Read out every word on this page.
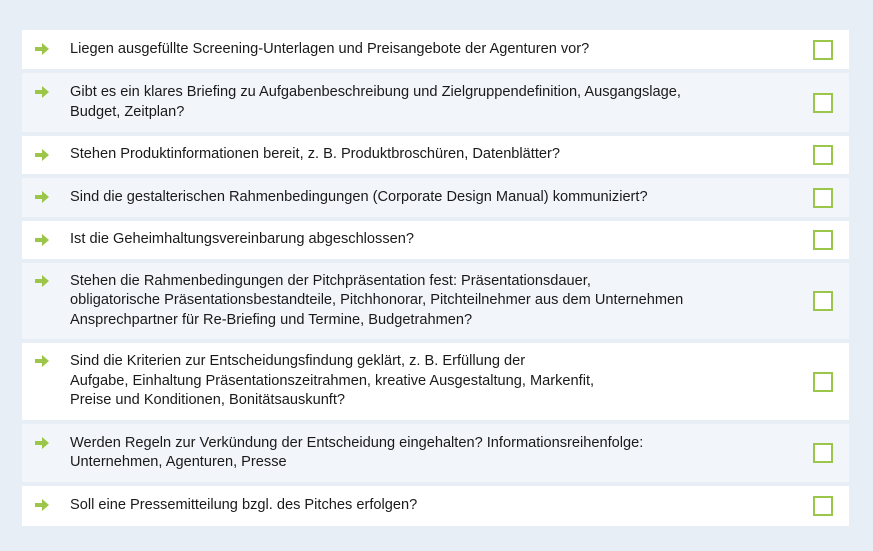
Liegen ausgefüllte Screening-Unterlagen und Preisangebote der Agenturen vor?
Gibt es ein klares Briefing zu Aufgabenbeschreibung und Zielgruppendefinition, Ausgangslage,
Budget, Zeitplan?
Stehen Produktinformationen bereit, z. B. Produktbroschüren, Datenblätter?
Sind die gestalterischen Rahmenbedingungen (Corporate Design Manual) kommuniziert?
Ist die Geheimhaltungsvereinbarung abgeschlossen?
Stehen die Rahmenbedingungen der Pitchpräsentation fest: Präsentationsdauer,
obligatorische Präsentationsbestandteile, Pitchhonorar, Pitchteilnehmer aus dem Unternehmen
Ansprechpartner für Re-Briefing und Termine, Budgetrahmen?
Sind die Kriterien zur Entscheidungsfindung geklärt, z. B. Erfüllung der
Aufgabe, Einhaltung Präsentationszeitrahmen, kreative Ausgestaltung, Markenfit,
Preise und Konditionen, Bonitätsauskunft?
Werden Regeln zur Verkündung der Entscheidung eingehalten? Informationsreihenfolge:
Unternehmen, Agenturen, Presse
Soll eine Pressemitteilung bzgl. des Pitches erfolgen?
